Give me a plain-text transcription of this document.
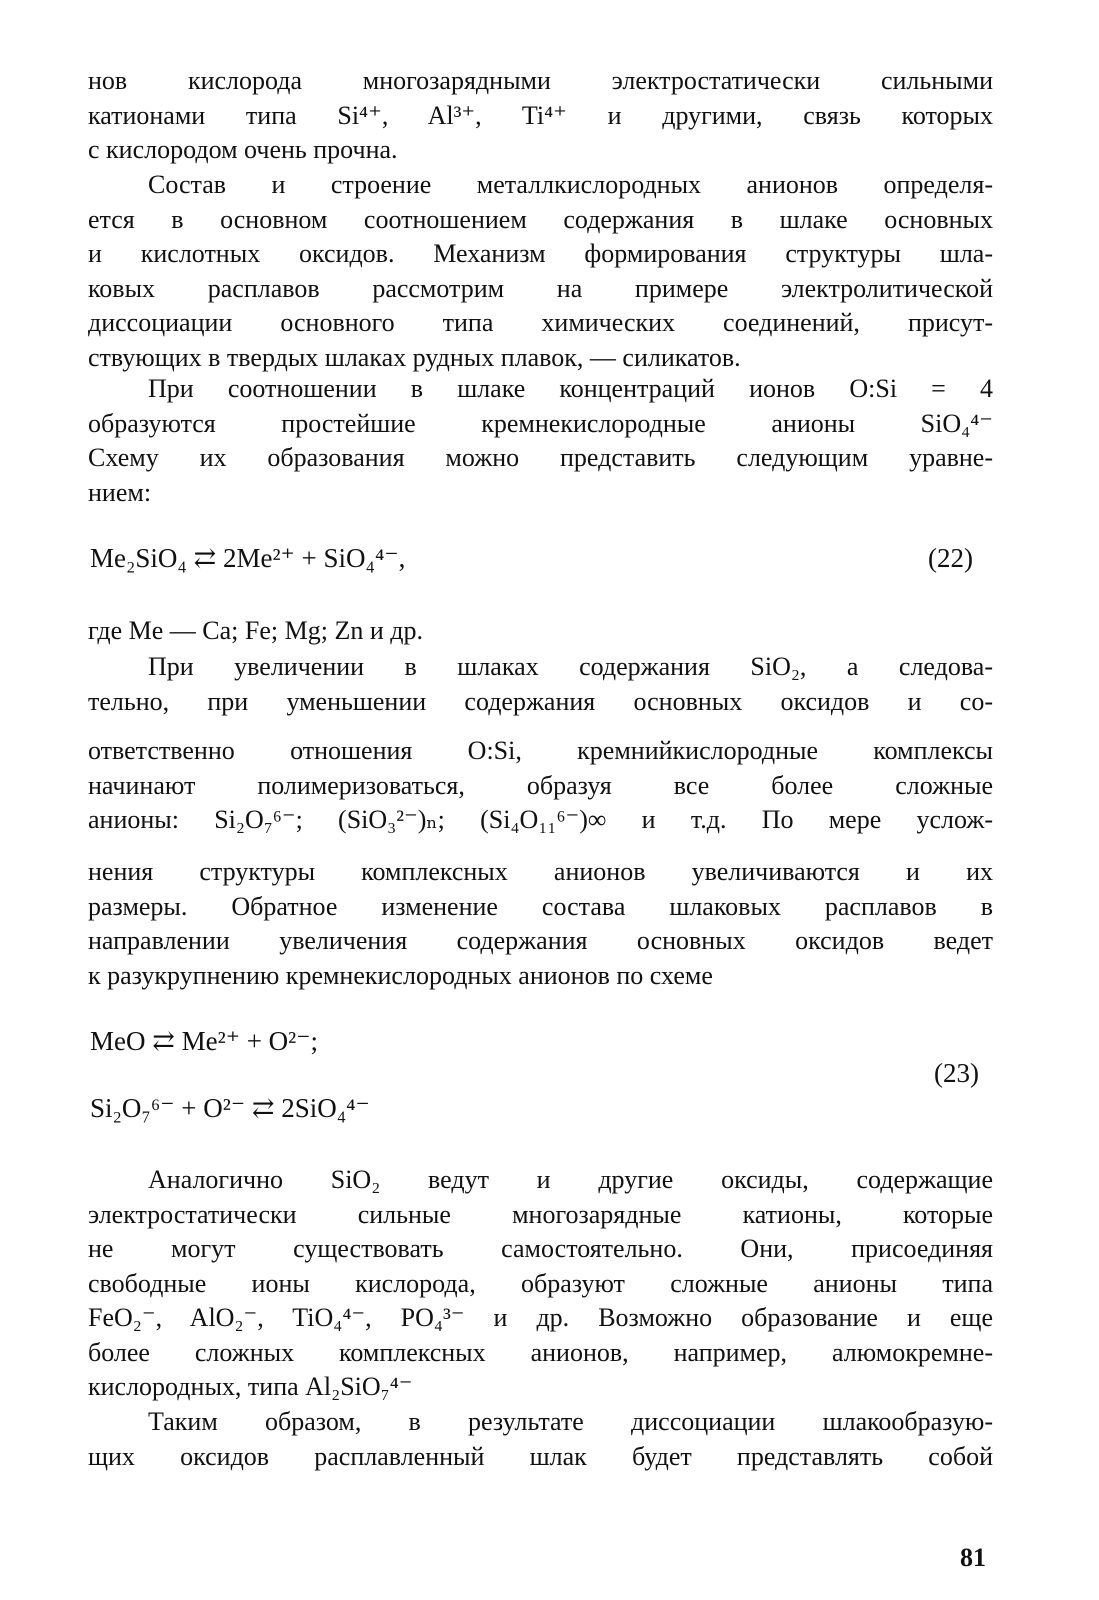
нов кислорода многозарядными электростатически сильными
катионами типа Si⁴⁺, Al³⁺, Ti⁴⁺ и другими, связь которых
с кислородом очень прочна.
Состав и строение металлкислородных анионов определя-
ется в основном соотношением содержания в шлаке основных
и кислотных оксидов. Механизм формирования структуры шла-
ковых расплавов рассмотрим на примере электролитической
диссоциации основного типа химических соединений, присут-
ствующих в твердых шлаках рудных плавок, — силикатов.
При соотношении в шлаке концентраций ионов O:Si = 4
образуются простейшие кремнекислородные анионы SiO₄⁴⁻
Схему их образования можно представить следующим уравне-
нием:
Me₂SiO₄ ⇄ 2Me²⁺ + SiO₄⁴⁻,	(22)
где Me — Ca; Fe; Mg; Zn и др.
При увеличении в шлаках содержания SiO₂, а следова-
тельно, при уменьшении содержания основных оксидов и со-
ответственно отношения O:Si, кремнийкислородные комплексы
начинают полимеризоваться, образуя все более сложные
анионы: Si₂O₇⁶⁻; (SiO₃²⁻)ₙ; (Si₄O₁₁⁶⁻)∞ и т.д. По мере услож-
нения структуры комплексных анионов увеличиваются и их
размеры. Обратное изменение состава шлаковых расплавов в
направлении увеличения содержания основных оксидов ведет
к разукрупнению кремнекислородных анионов по схеме
MeO ⇄ Me²⁺ + O²⁻;
Si₂O₇⁶⁻ + O²⁻ ⇄ 2SiO₄⁴⁻
(23)
Аналогично SiO₂ ведут и другие оксиды, содержащие
электростатически сильные многозарядные катионы, которые
не могут существовать самостоятельно. Они, присоединяя
свободные ионы кислорода, образуют сложные анионы типа
FeO₂⁻, AlO₂⁻, TiO₄⁴⁻, PO₄³⁻ и др. Возможно образование и еще
более сложных комплексных анионов, например, алюмокремне-
кислородных, типа Al₂SiO₇⁴⁻
Таким образом, в результате диссоциации шлакообразую-
щих оксидов расплавленный шлак будет представлять собой
81
